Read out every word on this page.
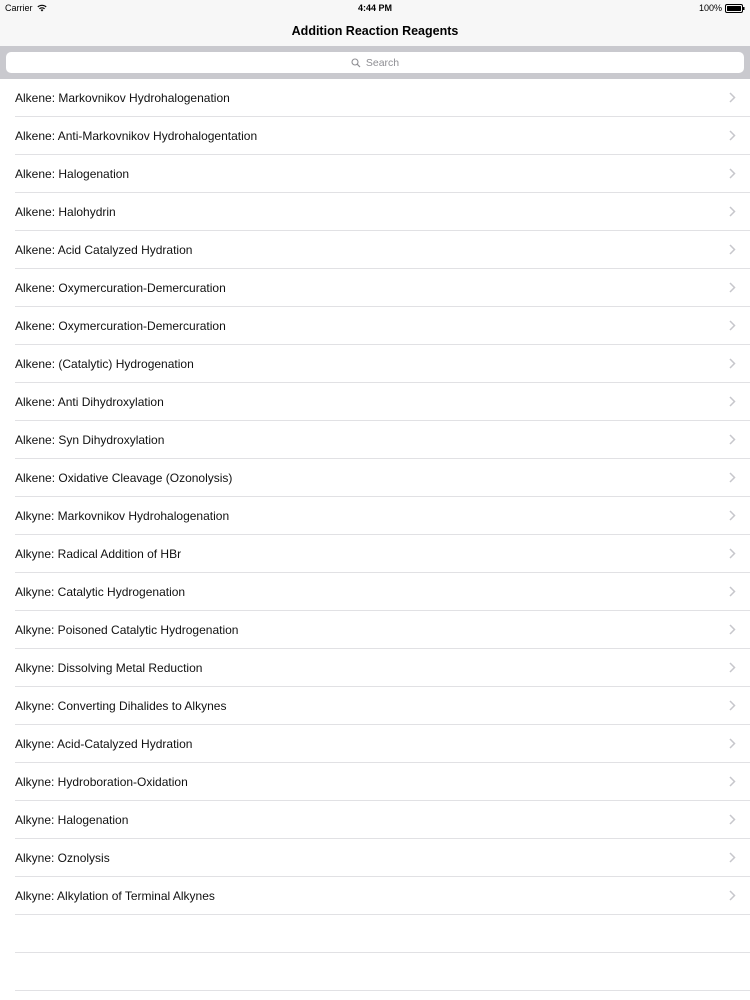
Carrier	4:44 PM	100%
Addition Reaction Reagents
Search
Alkene: Markovnikov Hydrohalogenation
Alkene: Anti-Markovnikov Hydrohalogentation
Alkene: Halogenation
Alkene: Halohydrin
Alkene: Acid Catalyzed Hydration
Alkene: Oxymercuration-Demercuration
Alkene: Oxymercuration-Demercuration
Alkene: (Catalytic) Hydrogenation
Alkene: Anti Dihydroxylation
Alkene: Syn Dihydroxylation
Alkene: Oxidative Cleavage (Ozonolysis)
Alkyne: Markovnikov Hydrohalogenation
Alkyne: Radical Addition of HBr
Alkyne: Catalytic Hydrogenation
Alkyne: Poisoned Catalytic Hydrogenation
Alkyne: Dissolving Metal Reduction
Alkyne: Converting Dihalides to Alkynes
Alkyne: Acid-Catalyzed Hydration
Alkyne: Hydroboration-Oxidation
Alkyne: Halogenation
Alkyne: Oznolysis
Alkyne: Alkylation of Terminal Alkynes
